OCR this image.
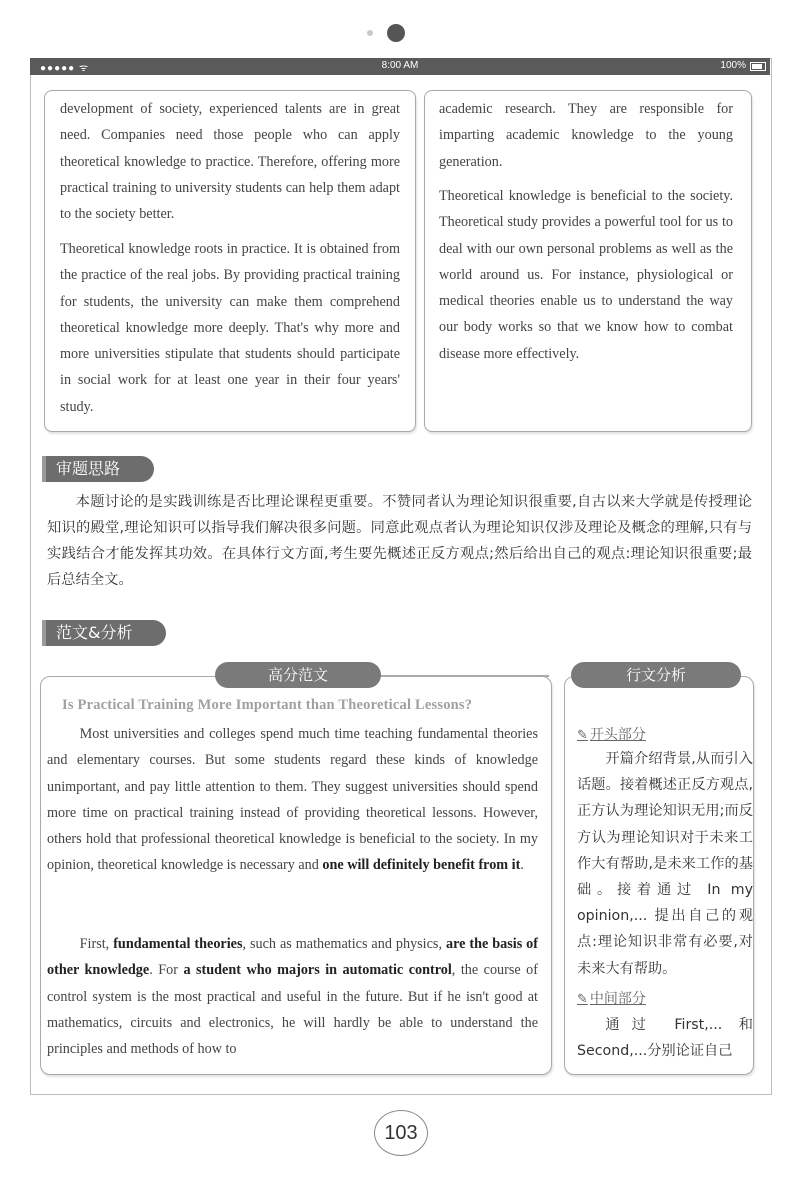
●●●●● ᯤ	8:00 AM	100%

development of society, experienced talents are in great need. Companies need those people who can apply theoretical knowledge to practice. Therefore, offering more practical training to university students can help them adapt to the society better.

Theoretical knowledge roots in practice. It is obtained from the practice of the real jobs. By providing practical training for students, the university can make them comprehend theoretical knowledge more deeply. That's why more and more universities stipulate that students should participate in social work for at least one year in their four years' study.

academic research. They are responsible for imparting academic knowledge to the young generation.

Theoretical knowledge is beneficial to the society. Theoretical study provides a powerful tool for us to deal with our own personal problems as well as the world around us. For instance, physiological or medical theories enable us to understand the way our body works so that we know how to combat disease more effectively.

审题思路

本题讨论的是实践训练是否比理论课程更重要。不赞同者认为理论知识很重要,自古以来大学就是传授理论知识的殿堂,理论知识可以指导我们解决很多问题。同意此观点者认为理论知识仅涉及理论及概念的理解,只有与实践结合才能发挥其功效。在具体行文方面,考生要先概述正反方观点;然后给出自己的观点:理论知识很重要;最后总结全文。

范文&分析
高分范文
Is Practical Training More Important than Theoretical Lessons?

Most universities and colleges spend much time teaching fundamental theories and elementary courses. But some students regard these kinds of knowledge unimportant, and pay little attention to them. They suggest universities should spend more time on practical training instead of providing theoretical lessons. However, others hold that professional theoretical knowledge is beneficial to the society. In my opinion, theoretical knowledge is necessary and one will definitely benefit from it.

First, fundamental theories, such as mathematics and physics, are the basis of other knowledge. For a student who majors in automatic control, the course of control system is the most practical and useful in the future. But if he isn't good at mathematics, circuits and electronics, he will hardly be able to understand the principles and methods of how to

行文分析
✎ 开头部分

开篇介绍背景,从而引入话题。接着概述正反方观点,正方认为理论知识无用;而反方认为理论知识对于未来工作大有帮助,是未来工作的基础。接着通过 In my opinion,... 提出自己的观点:理论知识非常有必要,对未来大有帮助。

✎ 中间部分

通过 First,... 和 Second,...分别论证自己

103
